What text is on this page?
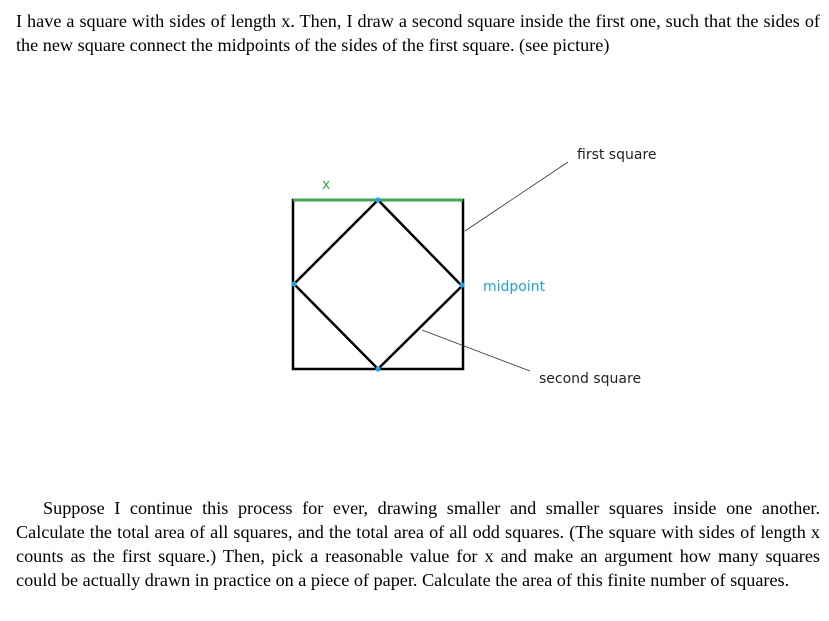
I have a square with sides of length x. Then, I draw a second square inside the first one, such that the sides of the new square connect the midpoints of the sides of the first square. (see picture)

x
first square
midpoint
second square

Suppose I continue this process for ever, drawing smaller and smaller squares inside one another. Calculate the total area of all squares, and the total area of all odd squares. (The square with sides of length x counts as the first square.) Then, pick a reasonable value for x and make an argument how many squares could be actually drawn in practice on a piece of paper. Calculate the area of this finite number of squares.
